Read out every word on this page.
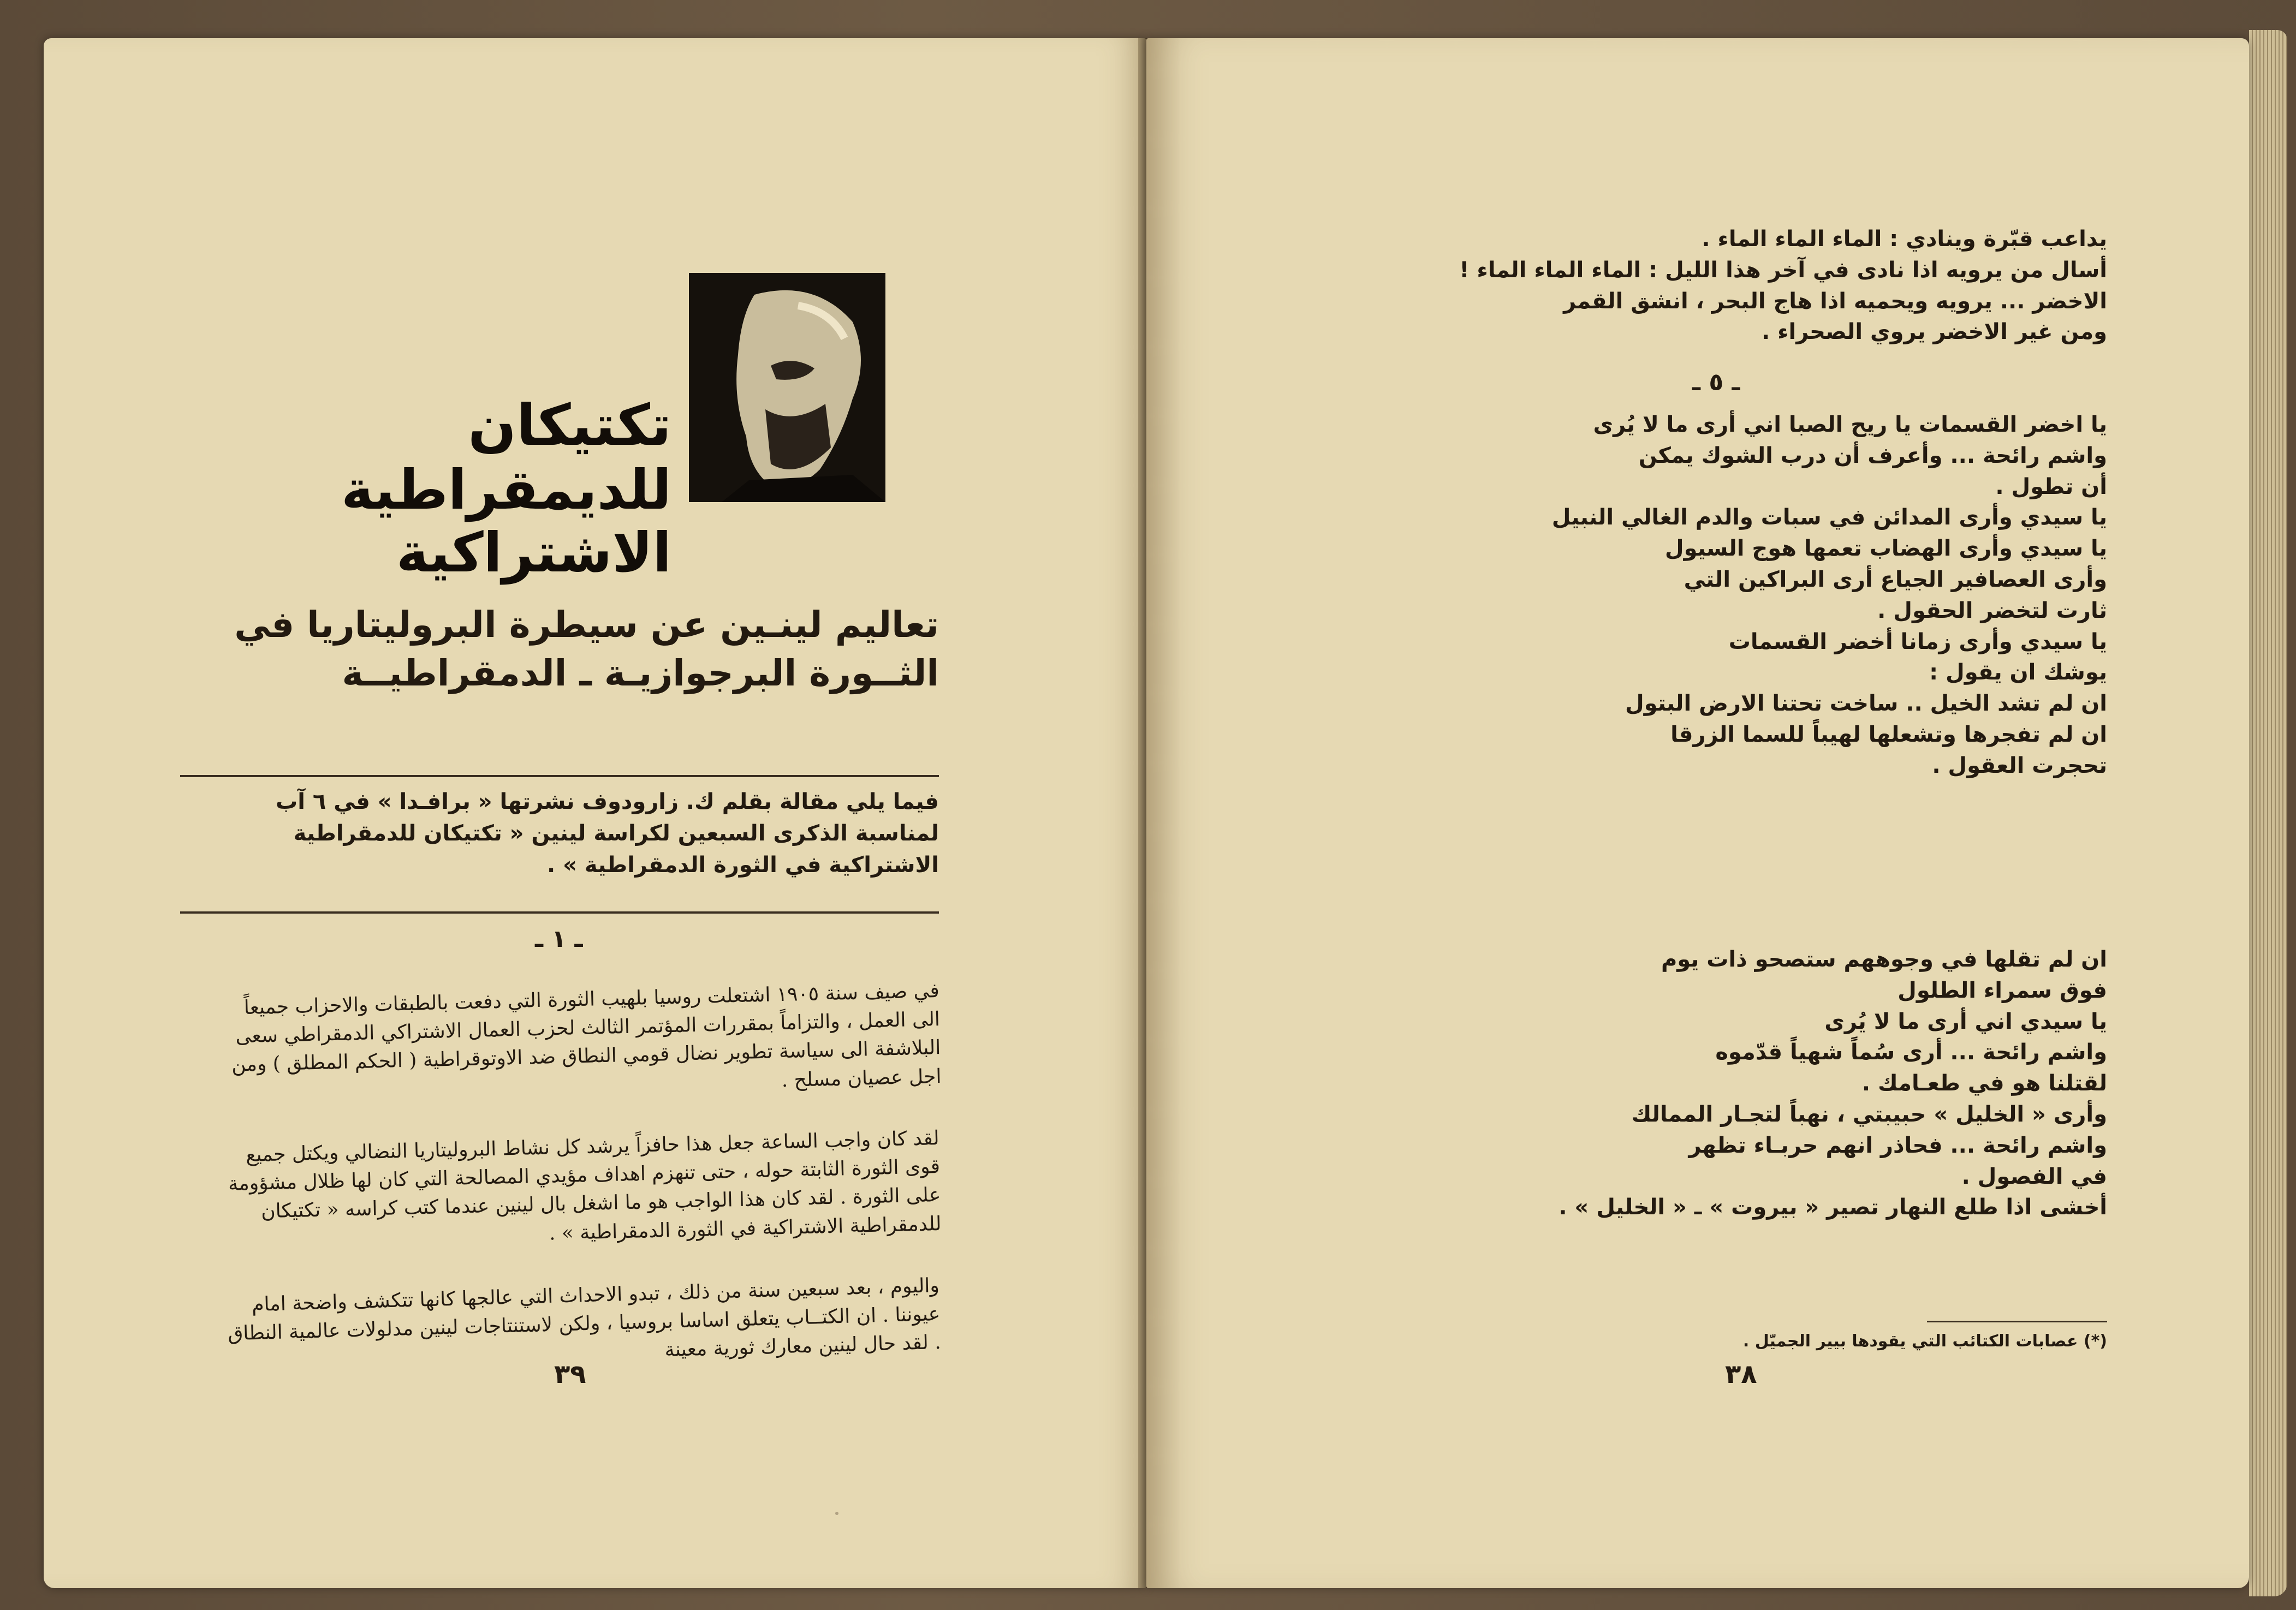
تكتيكان
للديمقراطية الاشتراكية

تعاليم لينـين عن سيطرة البروليتاريا في الثــورة البرجوازيـة ـ الدمقراطيــة

فيما يلي مقالة بقلم ك. زارودوف نشرتها « برافـدا » في ٦ آب لمناسبة الذكرى السبعين لكراسة لينين « تكتيكان للدمقراطية الاشتراكية في الثورة الدمقراطية » .

ـ ١ ـ

في صيف سنة ١٩٠٥ اشتعلت روسيا بلهيب الثورة التي دفعت بالطبقات والاحزاب جميعاً الى العمل ، والتزاماً بمقررات المؤتمر الثالث لحزب العمال الاشتراكي الدمقراطي سعى البلاشفة الى سياسة تطوير نضال قومي النطاق ضد الاوتوقراطية ( الحكم المطلق ) ومن اجل عصيان مسلح .

لقد كان واجب الساعة جعل هذا حافزاً يرشد كل نشاط البروليتاريا النضالي ويكتل جميع قوى الثورة الثابتة حوله ، حتى تنهزم اهداف مؤيدي المصالحة التي كان لها ظلال مشؤومة على الثورة . لقد كان هذا الواجب هو ما اشغل بال لينين عندما كتب كراسه « تكتيكان للدمقراطية الاشتراكية في الثورة الدمقراطية » .

واليوم ، بعد سبعين سنة من ذلك ، تبدو الاحداث التي عالجها كانها تتكشف واضحة امام عيوننا . ان الكتــاب يتعلق اساسا بروسيا ، ولكن لاستنتاجات لينين مدلولات عالمية النطاق . لقد حال لينين معارك ثورية معينة

٣٩
يداعب قبّرة وينادي : الماء الماء الماء .
أسال من يرويه اذا نادى في آخر هذا الليل : الماء الماء الماء !
الاخضر ... يرويه ويحميه اذا هاج البحر ، انشق القمر
ومن غير الاخضر يروي الصحراء .
ـ ٥ ـ
يا اخضر القسمات يا ريح الصبا اني أرى ما لا يُرى
واشم رائحة ... وأعرف أن درب الشوك يمكن
أن تطول .
يا سيدي وأرى المدائن في سبات والدم الغالي النبيل
يا سيدي وأرى الهضاب تعمها هوج السيول
وأرى العصافير الجياع أرى البراكين التي
ثارت لتخضر الحقول .
يا سيدي وأرى زمانا أخضر القسمات
يوشك ان يقول :
ان لم تشد الخيل .. ساخت تحتنا الارض البتول
ان لم تفجرها وتشعلها لهيباً للسما الزرقا
تحجرت العقول .
ان لم تقلها في وجوههم ستصحو ذات يوم
فوق سمراء الطلول
يا سيدي اني أرى ما لا يُرى
واشم رائحة ... أرى سُماً شهياً قدّموه
لقتلنا هو في طعـامك .
وأرى « الخليل » حبيبتي ، نهباً لتجـار الممالك
واشم رائحة ... فحاذر انهم حربـاء تظهر
في الفصول .
أخشى اذا طلع النهار تصير « بيروت » ـ « الخليل » .

(*) عصابات الكتائب التي يقودها بيير الجميّل .

٣٨
